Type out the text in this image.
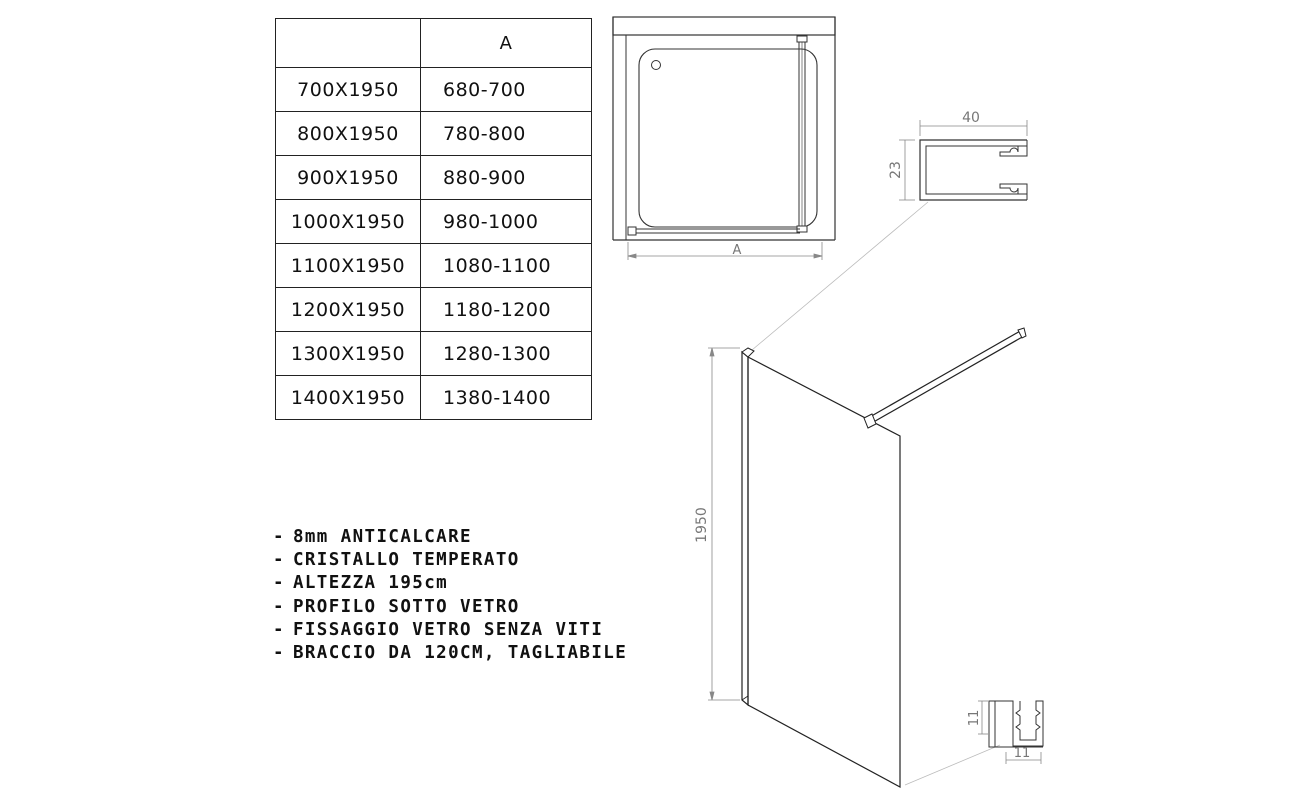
	A
700X1950	680-700
800X1950	780-800
900X1950	880-900
1000X1950	980-1000
1100X1950	1080-1100
1200X1950	1180-1200
1300X1950	1280-1300
1400X1950	1380-1400
- 8mm ANTICALCARE
- CRISTALLO TEMPERATO
- ALTEZZA 195cm
- PROFILO SOTTO VETRO
- FISSAGGIO VETRO SENZA VITI
- BRACCIO DA 120CM, TAGLIABILE
A
40
23
1950
11
11
